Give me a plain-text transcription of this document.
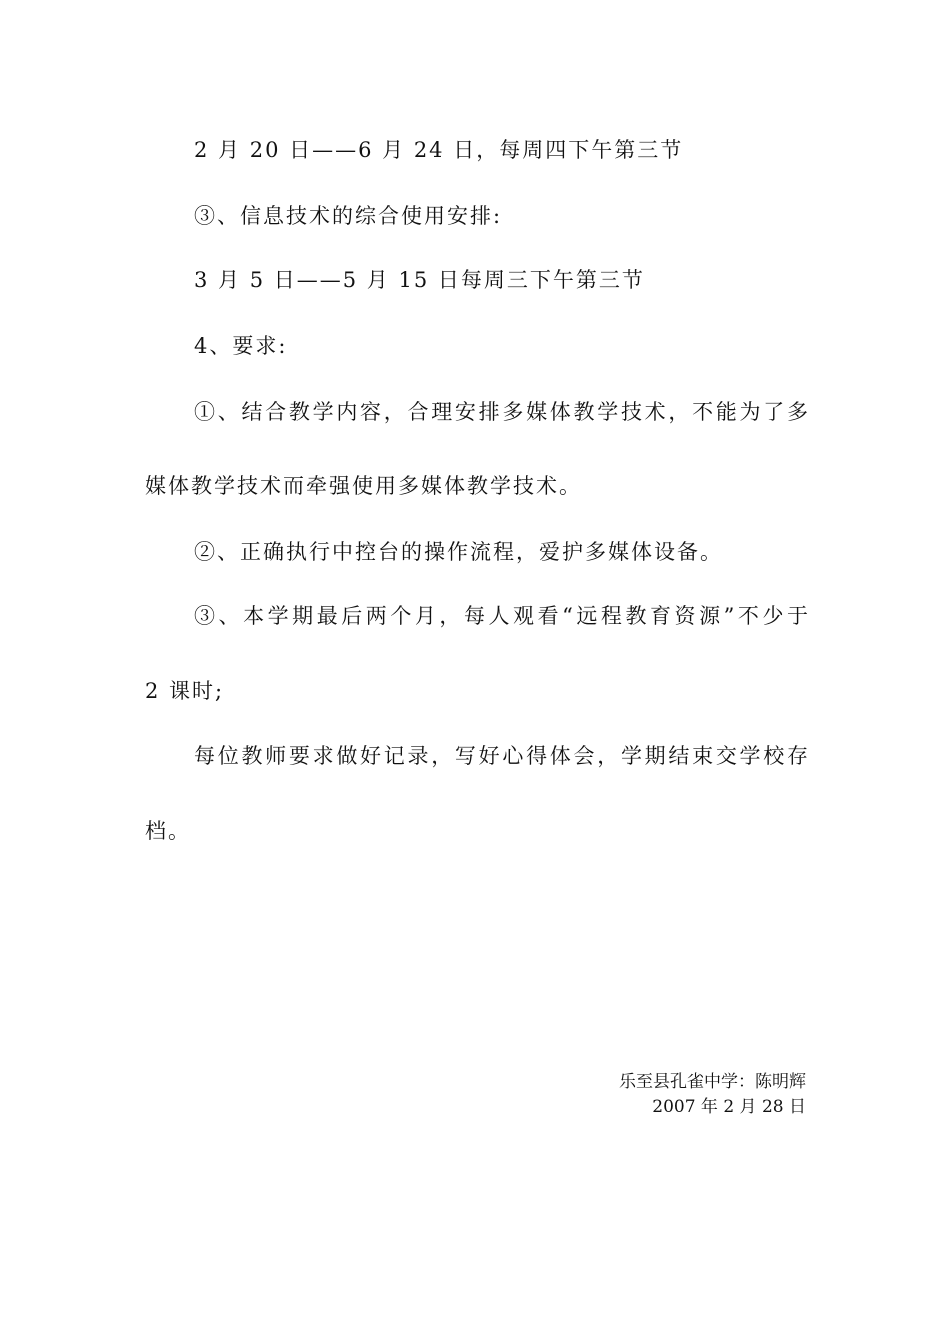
2 月 20 日——6 月 24 日，每周四下午第三节
③、信息技术的综合使用安排:
3 月 5 日——5 月 15 日每周三下午第三节
4、要求:
①、结合教学内容，合理安排多媒体教学技术，不能为了多
媒体教学技术而牵强使用多媒体教学技术。
②、正确执行中控台的操作流程，爱护多媒体设备。
③、本学期最后两个月，每人观看“远程教育资源”不少于
2 课时;
每位教师要求做好记录，写好心得体会，学期结束交学校存
档。
乐至县孔雀中学：陈明辉
2007 年 2 月 28 日
